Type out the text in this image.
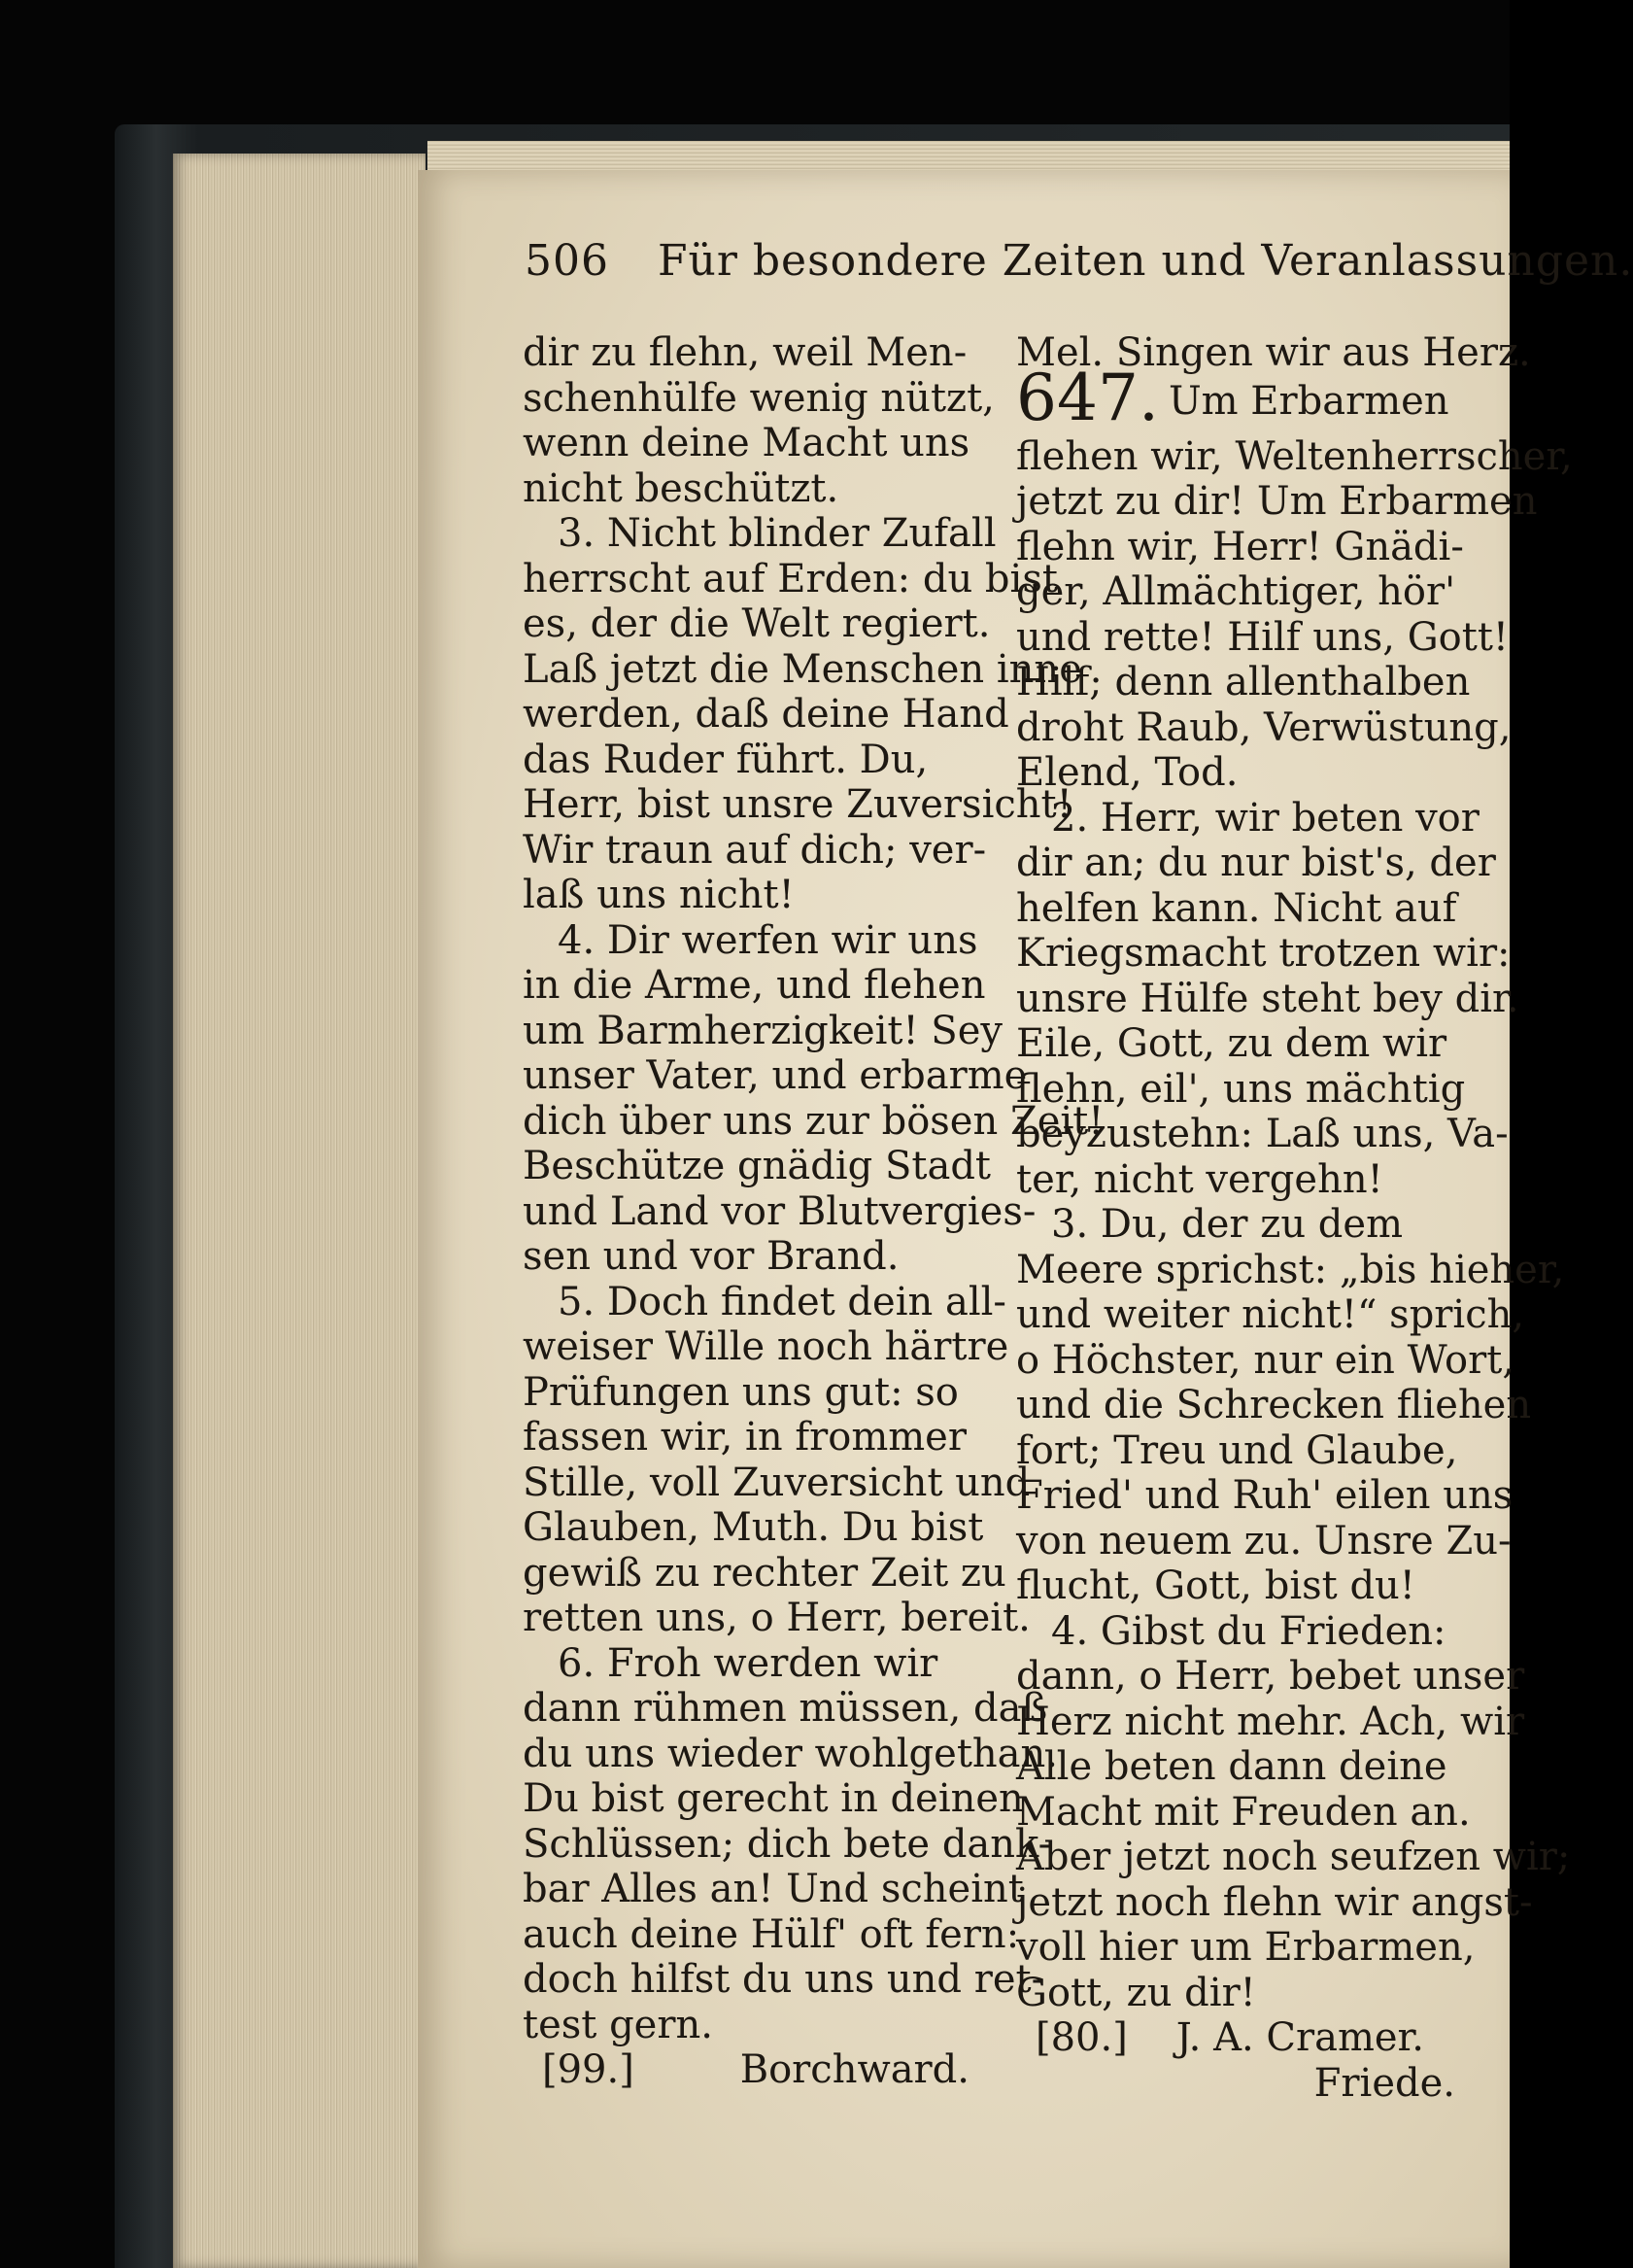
506 Für besondere Zeiten und Veranlassungen.
dir zu flehn, weil Men-
schenhülfe wenig nützt,
wenn deine Macht uns
nicht beschützt.
3. Nicht blinder Zufall
herrscht auf Erden: du bist
es, der die Welt regiert.
Laß jetzt die Menschen inne
werden, daß deine Hand
das Ruder führt. Du,
Herr, bist unsre Zuversicht!
Wir traun auf dich; ver-
laß uns nicht!
4. Dir werfen wir uns
in die Arme, und flehen
um Barmherzigkeit! Sey
unser Vater, und erbarme
dich über uns zur bösen Zeit!
Beschütze gnädig Stadt
und Land vor Blutvergies-
sen und vor Brand.
5. Doch findet dein all-
weiser Wille noch härtre
Prüfungen uns gut: so
fassen wir, in frommer
Stille, voll Zuversicht und
Glauben, Muth. Du bist
gewiß zu rechter Zeit zu
retten uns, o Herr, bereit.
6. Froh werden wir
dann rühmen müssen, daß
du uns wieder wohlgethan.
Du bist gerecht in deinen
Schlüssen; dich bete dank-
bar Alles an! Und scheint
auch deine Hülf' oft fern:
doch hilfst du uns und ret-
test gern.
[99.]	Borchward.
Mel. Singen wir aus Herz.
647. Um Erbarmen
flehen wir, Weltenherrscher,
jetzt zu dir! Um Erbarmen
flehn wir, Herr! Gnädi-
ger, Allmächtiger, hör'
und rette! Hilf uns, Gott!
Hilf; denn allenthalben
droht Raub, Verwüstung,
Elend, Tod.
2. Herr, wir beten vor
dir an; du nur bist's, der
helfen kann. Nicht auf
Kriegsmacht trotzen wir:
unsre Hülfe steht bey dir.
Eile, Gott, zu dem wir
flehn, eil', uns mächtig
beyzustehn: Laß uns, Va-
ter, nicht vergehn!
3. Du, der zu dem
Meere sprichst: „bis hieher,
und weiter nicht!“ sprich,
o Höchster, nur ein Wort,
und die Schrecken fliehen
fort; Treu und Glaube,
Fried' und Ruh' eilen uns
von neuem zu. Unsre Zu-
flucht, Gott, bist du!
4. Gibst du Frieden:
dann, o Herr, bebet unser
Herz nicht mehr. Ach, wir
Alle beten dann deine
Macht mit Freuden an.
Aber jetzt noch seufzen wir;
jetzt noch flehn wir angst-
voll hier um Erbarmen,
Gott, zu dir!
[80.] J. A. Cramer.
Friede.
